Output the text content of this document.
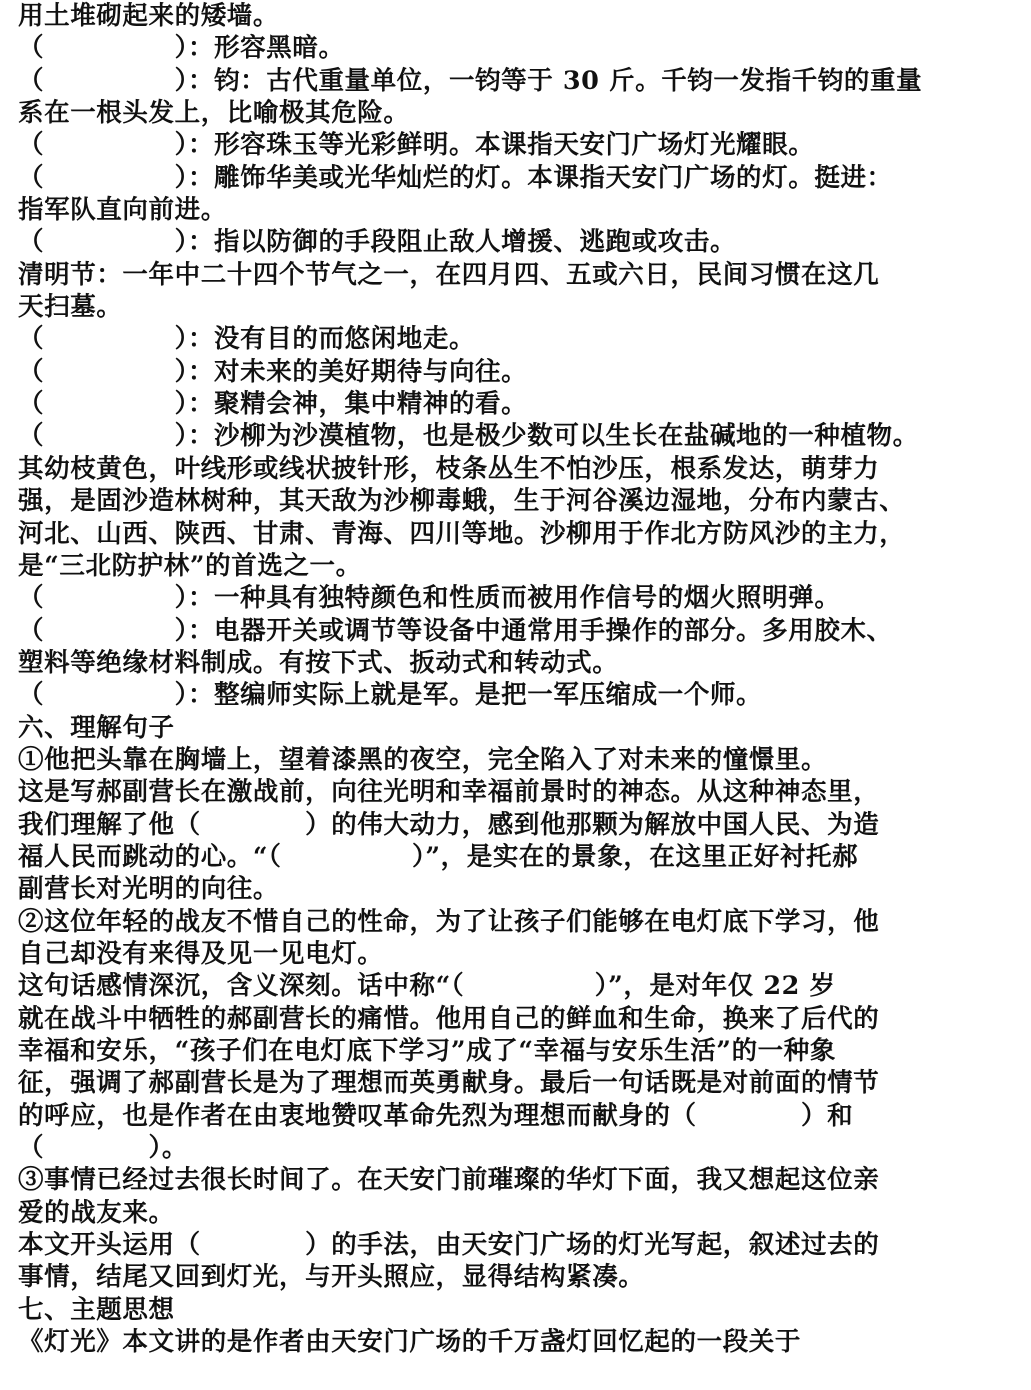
用土堆砌起来的矮墙。
（　　　　　）：形容黑暗。
（　　　　　）：钧：古代重量单位，一钧等于 30 斤。千钧一发指千钧的重量
系在一根头发上，比喻极其危险。
（　　　　　）：形容珠玉等光彩鲜明。本课指天安门广场灯光耀眼。
（　　　　　）：雕饰华美或光华灿烂的灯。本课指天安门广场的灯。挺进：
指军队直向前进。
（　　　　　）：指以防御的手段阻止敌人增援、逃跑或攻击。
清明节：一年中二十四个节气之一，在四月四、五或六日，民间习惯在这几
天扫墓。
（　　　　　）：没有目的而悠闲地走。
（　　　　　）：对未来的美好期待与向往。
（　　　　　）：聚精会神，集中精神的看。
（　　　　　）：沙柳为沙漠植物，也是极少数可以生长在盐碱地的一种植物。
其幼枝黄色，叶线形或线状披针形，枝条丛生不怕沙压，根系发达，萌芽力
强，是固沙造林树种，其天敌为沙柳毒蛾，生于河谷溪边湿地，分布内蒙古、
河北、山西、陕西、甘肃、青海、四川等地。沙柳用于作北方防风沙的主力，
是“三北防护林”的首选之一。
（　　　　　）：一种具有独特颜色和性质而被用作信号的烟火照明弹。
（　　　　　）：电器开关或调节等设备中通常用手操作的部分。多用胶木、
塑料等绝缘材料制成。有按下式、扳动式和转动式。
（　　　　　）：整编师实际上就是军。是把一军压缩成一个师。
六、理解句子
①他把头靠在胸墙上，望着漆黑的夜空，完全陷入了对未来的憧憬里。
这是写郝副营长在激战前，向往光明和幸福前景时的神态。从这种神态里，
我们理解了他（　　　　）的伟大动力，感到他那颗为解放中国人民、为造
福人民而跳动的心。“（　　　　　）”，是实在的景象，在这里正好衬托郝
副营长对光明的向往。
②这位年轻的战友不惜自己的性命，为了让孩子们能够在电灯底下学习，他
自己却没有来得及见一见电灯。
这句话感情深沉，含义深刻。话中称“（　　　　　）”，是对年仅 22 岁
就在战斗中牺牲的郝副营长的痛惜。他用自己的鲜血和生命，换来了后代的
幸福和安乐，“孩子们在电灯底下学习”成了“幸福与安乐生活”的一种象
征，强调了郝副营长是为了理想而英勇献身。最后一句话既是对前面的情节
的呼应，也是作者在由衷地赞叹革命先烈为理想而献身的（　　　　）和
（　　　　）。
③事情已经过去很长时间了。在天安门前璀璨的华灯下面，我又想起这位亲
爱的战友来。
本文开头运用（　　　　）的手法，由天安门广场的灯光写起，叙述过去的
事情，结尾又回到灯光，与开头照应，显得结构紧凑。
七、主题思想
《灯光》本文讲的是作者由天安门广场的千万盏灯回忆起的一段关于
